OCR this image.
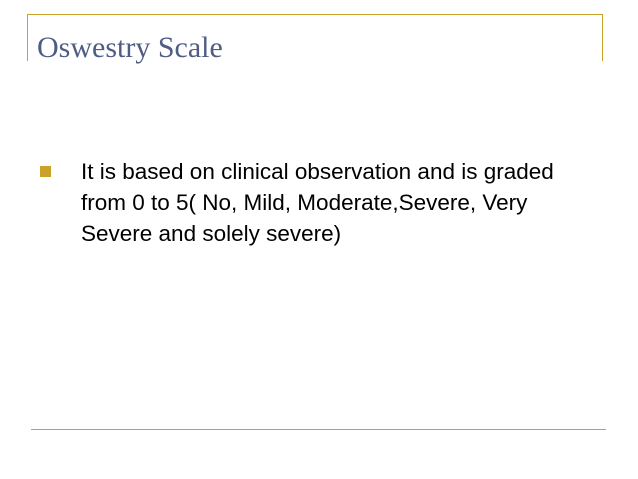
Oswestry Scale
It is based on clinical observation and is graded from 0 to 5( No, Mild, Moderate,Severe, Very Severe and solely severe)
